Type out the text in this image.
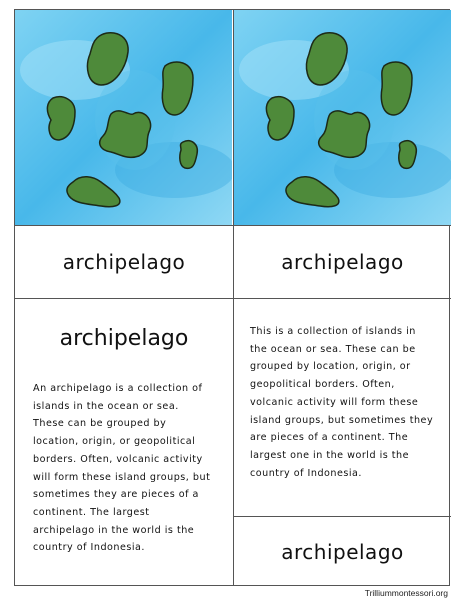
archipelago	archipelago
archipelago
An archipelago is a collection of
islands in the ocean or sea.
These can be grouped by
location, origin, or geopolitical
borders. Often, volcanic activity
will form these island groups, but
sometimes they are pieces of a
continent. The largest
archipelago in the world is the
country of Indonesia.
This is a collection of islands in
the ocean or sea. These can be
grouped by location, origin, or
geopolitical borders. Often,
volcanic activity will form these
island groups, but sometimes they
are pieces of a continent. The
largest one in the world is the
country of Indonesia.
archipelago
Trilliummontessori.org
